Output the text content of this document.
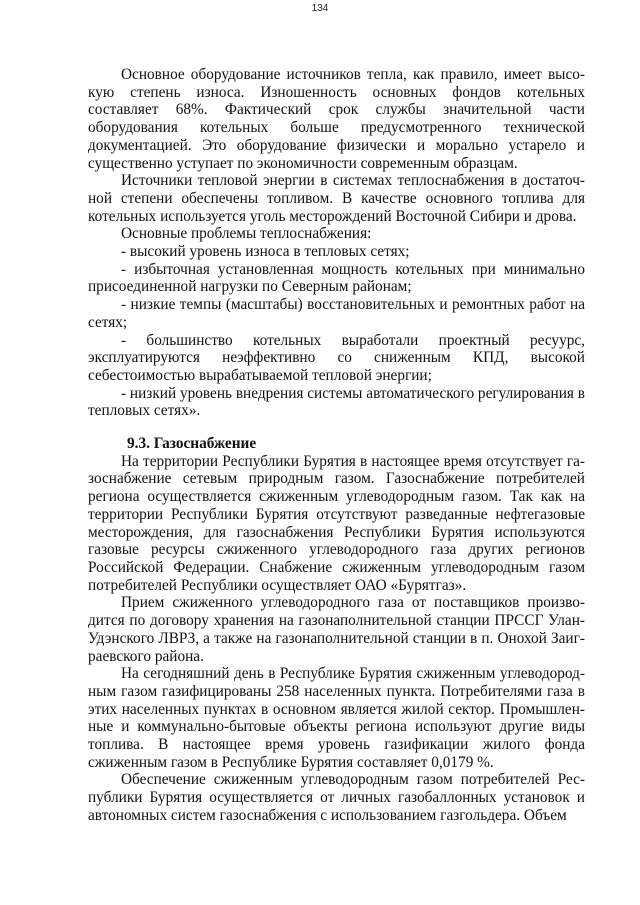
134

Основное оборудование источников тепла, как правило, имеет высокую степень износа. Изношенность основных фондов котельных составляет 68%. Фактический срок службы значительной части оборудования котельных больше предусмотренного технической документацией. Это оборудование физически и морально устарело и существенно уступает по экономичности современным образцам.

Источники тепловой энергии в системах теплоснабжения в достаточной степени обеспечены топливом. В качестве основного топлива для котельных используется уголь месторождений Восточной Сибири и дрова.

Основные проблемы теплоснабжения:

- высокий уровень износа в тепловых сетях;

- избыточная установленная мощность котельных при минимально присоединенной нагрузки по Северным районам;

- низкие темпы (масштабы) восстановительных и ремонтных работ на сетях;

- большинство котельных выработали проектный ресуурс, эксплуатируются неэффективно со сниженным КПД, высокой себестоимостью вырабатываемой тепловой энергии;

- низкий уровень внедрения системы автоматического регулирования в тепловых сетях».

9.3. Газоснабжение

На территории Республики Бурятия в настоящее время отсутствует газоснабжение сетевым природным газом. Газоснабжение потребителей региона осуществляется сжиженным углеводородным газом. Так как на территории Республики Бурятия отсутствуют разведанные нефтегазовые месторождения, для газоснабжения Республики Бурятия используются газовые ресурсы сжиженного углеводородного газа других регионов Российской Федерации. Снабжение сжиженным углеводородным газом потребителей Республики осуществляет ОАО «Бурятгаз».

Прием сжиженного углеводородного газа от поставщиков производится по договору хранения на газонаполнительной станции ПРССГ Улан-Удэнского ЛВРЗ, а также на газонаполнительной станции в п. Онохой Заиграевского района.

На сегодняшний день в Республике Бурятия сжиженным углеводородным газом газифицированы 258 населенных пункта. Потребителями газа в этих населенных пунктах в основном является жилой сектор. Промышленные и коммунально-бытовые объекты региона используют другие виды топлива. В настоящее время уровень газификации жилого фонда сжиженным газом в Республике Бурятия составляет 0,0179 %.

Обеспечение сжиженным углеводородным газом потребителей Республики Бурятия осуществляется от личных газобаллонных установок и автономных систем газоснабжения с использованием газгольдера. Объем
